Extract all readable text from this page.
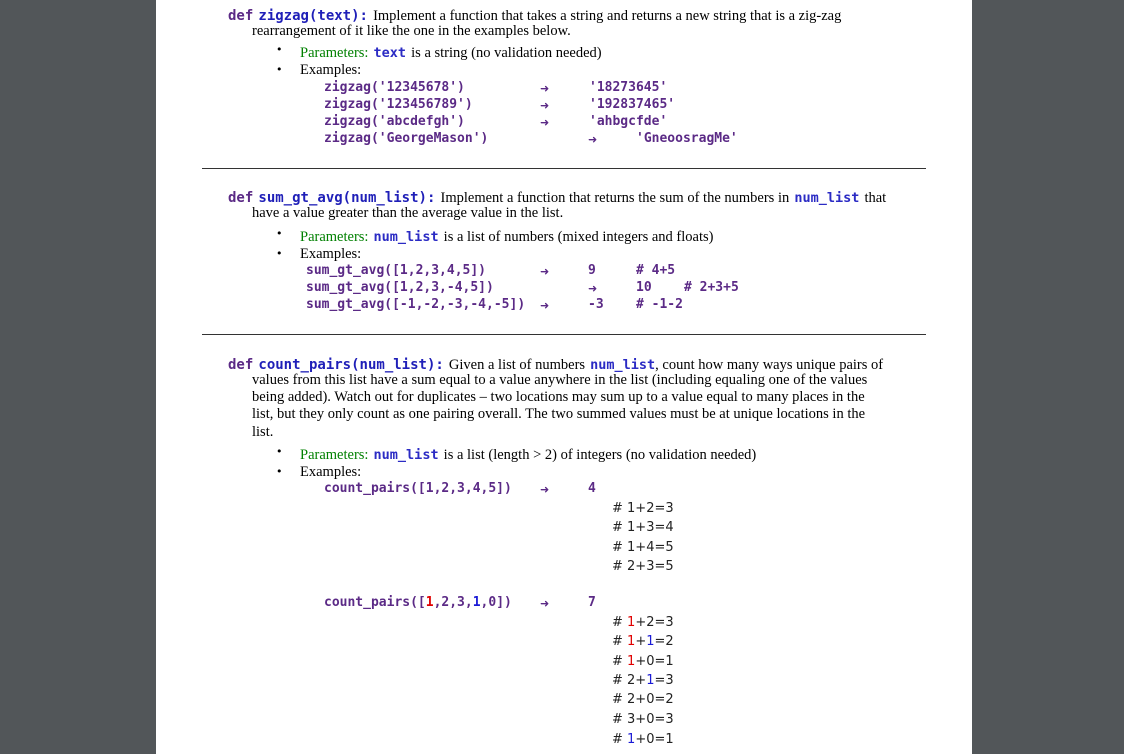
def zigzag(text): Implement a function that takes a string and returns a new string that is a zig-zag
rearrangement of it like the one in the examples below.
• Parameters: text is a string (no validation needed)
• Examples:
zigzag('12345678')	➜	'18273645'
zigzag('123456789')	➜	'192837465'
zigzag('abcdefgh')	➜	'ahbgcfde'
zigzag('GeorgeMason')	➜	'GneoosragMe'
def sum_gt_avg(num_list): Implement a function that returns the sum of the numbers in num_list that
have a value greater than the average value in the list.
• Parameters: num_list is a list of numbers (mixed integers and floats)
• Examples:
sum_gt_avg([1,2,3,4,5])	➜	9	# 4+5
sum_gt_avg([1,2,3,-4,5])	➜	10 # 2+3+5
sum_gt_avg([-1,-2,-3,-4,-5]) ➜	-3 # -1-2
def count_pairs(num_list): Given a list of numbers num_list, count how many ways unique pairs of
values from this list have a sum equal to a value anywhere in the list (including equaling one of the values
being added). Watch out for duplicates – two locations may sum up to a value equal to many places in the
list, but they only count as one pairing overall. The two summed values must be at unique locations in the
list.
• Parameters: num_list is a list (length > 2) of integers (no validation needed)
• Examples:
count_pairs([1,2,3,4,5])	➜	4
# 1+2=3
# 1+3=4
# 1+4=5
# 2+3=5
count_pairs([1,2,3,1,0])	➜	7
# 1+2=3
# 1+1=2
# 1+0=1
# 2+1=3
# 2+0=2
# 3+0=3
# 1+0=1
